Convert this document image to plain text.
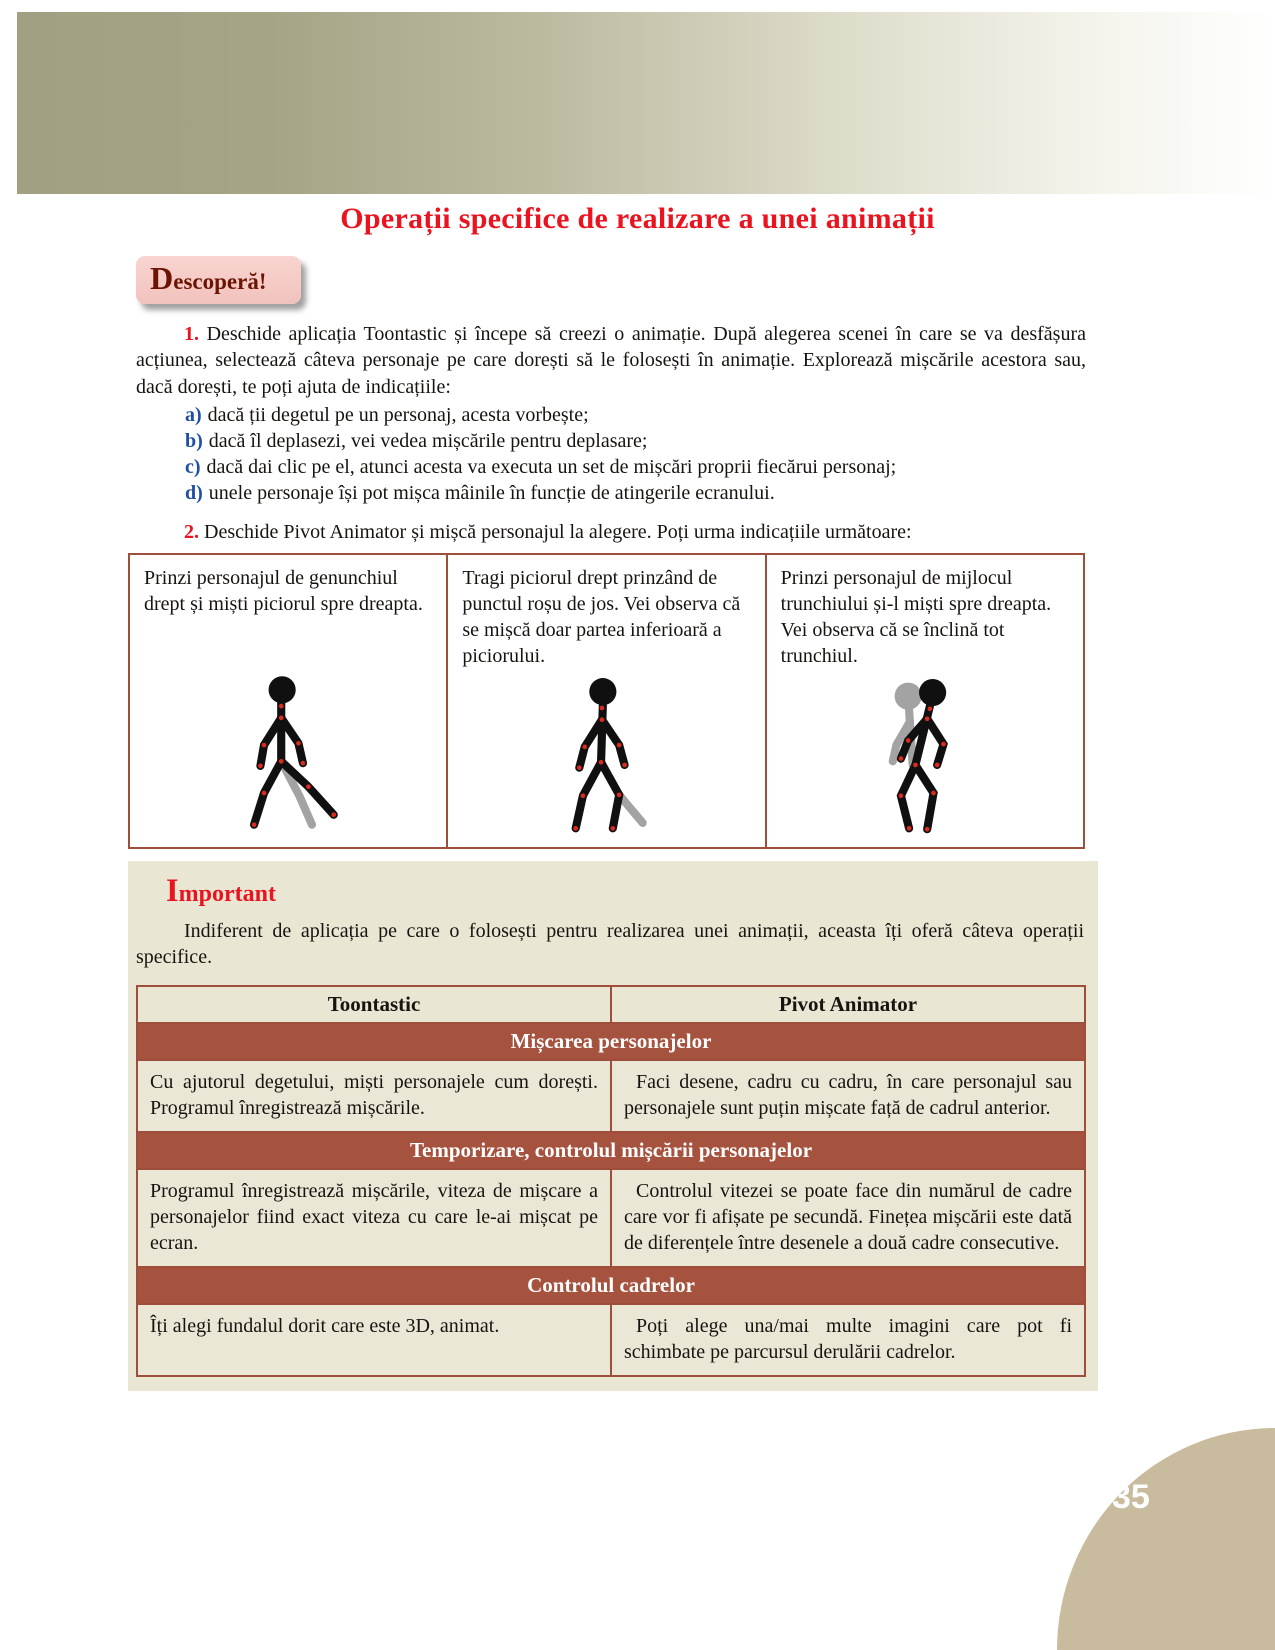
Operații specifice de realizare a unei animații
Descoperă!

1. Deschide aplicația Toontastic și începe să creezi o animație. După alegerea scenei în care se va desfășura acțiunea, selectează câteva personaje pe care dorești să le folosești în animație. Explorează mișcările acestora sau, dacă dorești, te poți ajuta de indicațiile:

a) dacă ții degetul pe un personaj, acesta vorbește;
b) dacă îl deplasezi, vei vedea mișcările pentru deplasare;
c) dacă dai clic pe el, atunci acesta va executa un set de mișcări proprii fiecărui personaj;
d) unele personaje își pot mișca mâinile în funcție de atingerile ecranului.

2. Deschide Pivot Animator și mișcă personajul la alegere. Poți urma indicațiile următoare:

Prinzi personajul de genunchiul drept și miști piciorul spre dreapta.

Tragi piciorul drept prinzând de punctul roșu de jos. Vei observa că se mișcă doar partea inferioară a piciorului.

Prinzi personajul de mijlocul trunchiului și-l miști spre dreapta. Vei observa că se înclină tot trunchiul.

Important

Indiferent de aplicația pe care o folosești pentru realizarea unei animații, aceasta îți oferă câteva operații specifice.

Toontastic	Pivot Animator
Mișcarea personajelor	
Cu ajutorul degetului, miști personajele cum dorești. Programul înregistrează mișcările.	Faci desene, cadru cu cadru, în care personajul sau personajele sunt puțin mișcate față de cadrul anterior.
Temporizare, controlul mișcării personajelor	
Programul înregistrează mișcările, viteza de mișcare a personajelor fiind exact viteza cu care le-ai mișcat pe ecran.	Controlul vitezei se poate face din numărul de cadre care vor fi afișate pe secundă. Finețea mișcării este dată de diferențele între desenele a două cadre consecutive.
Controlul cadrelor	
Îți alegi fundalul dorit care este 3D, animat.	Poți alege una/mai multe imagini care pot fi schimbate pe parcursul derulării cadrelor.
35
